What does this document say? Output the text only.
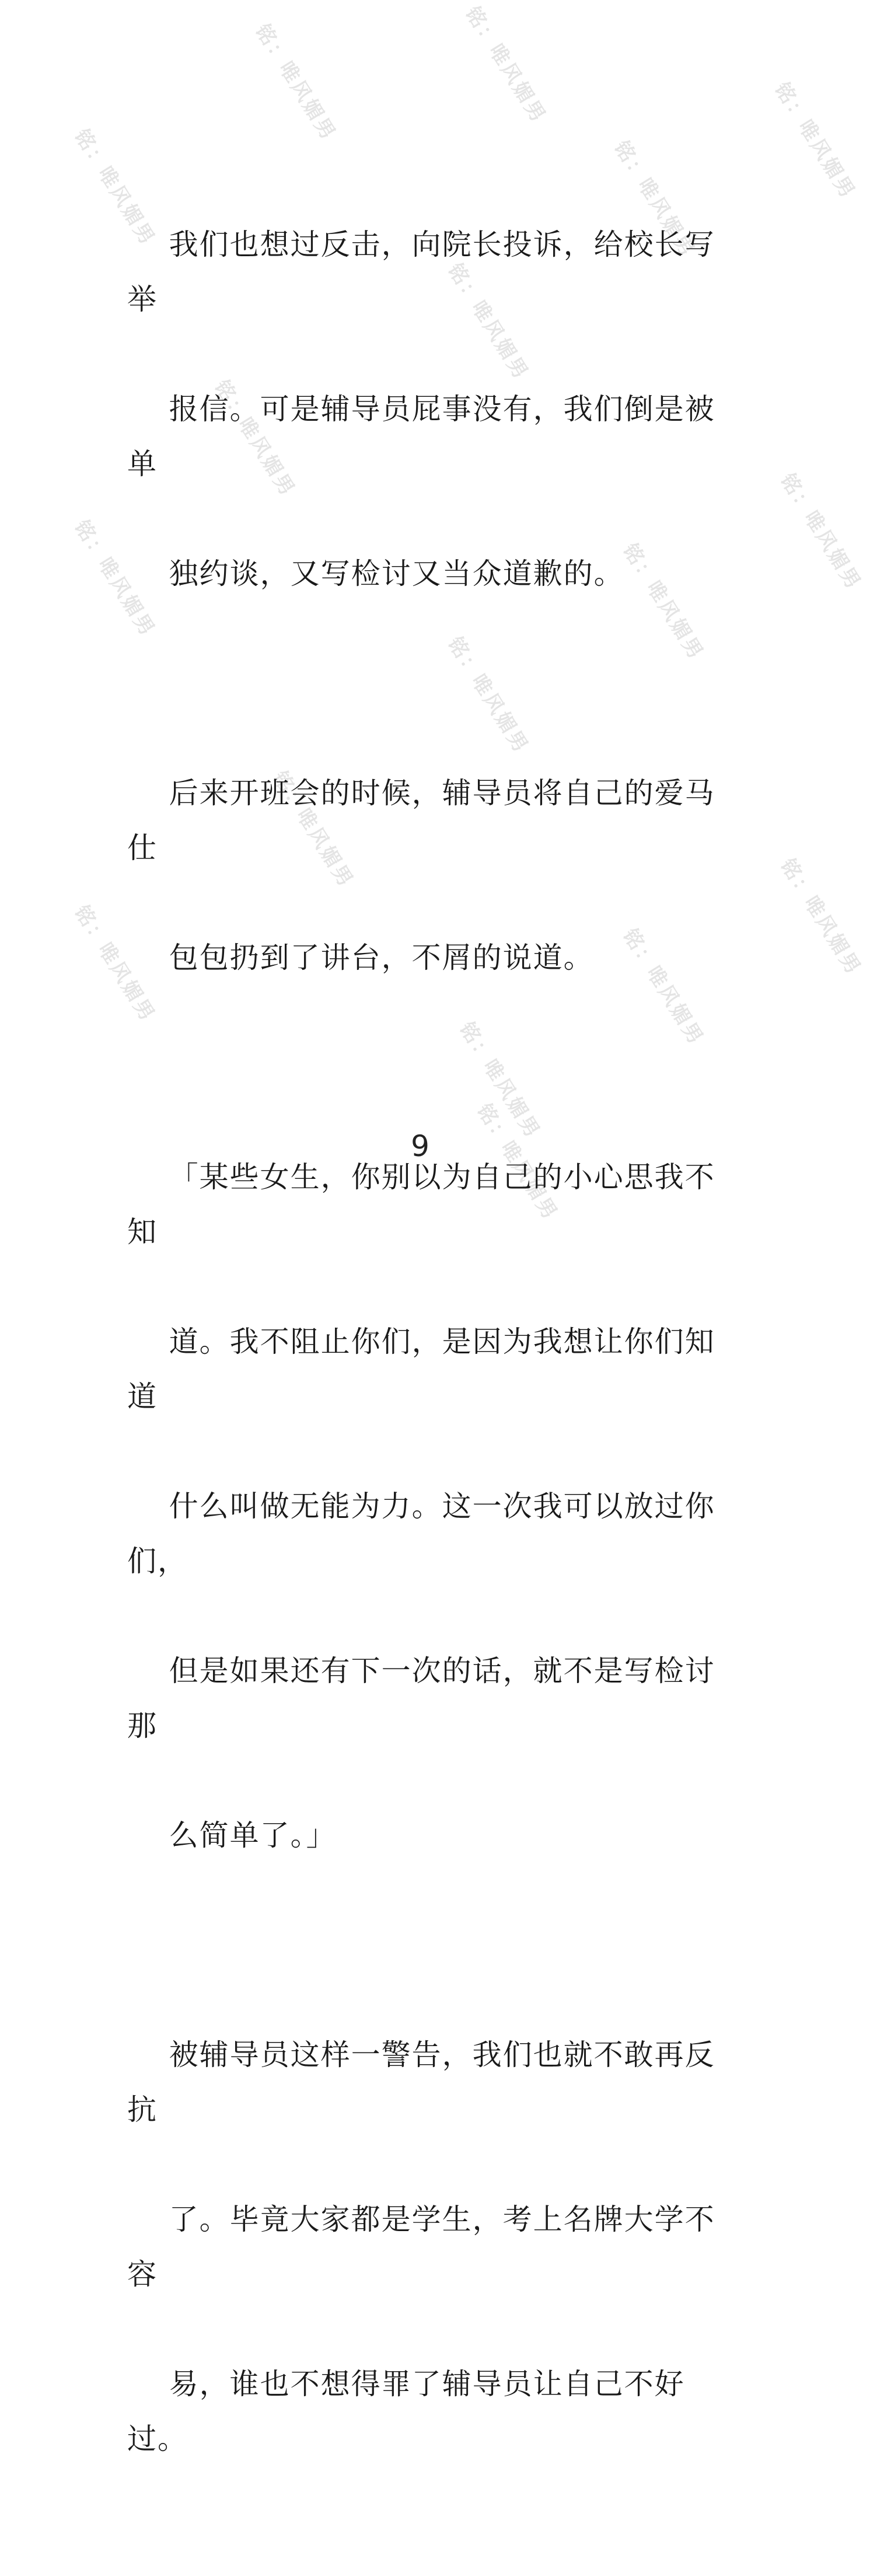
铭：唯风媚男
铭：唯风媚男	铭：唯风媚男
铭：唯风媚男
铭：唯风媚男
铭：唯风媚男
铭：唯风媚男
铭：唯风媚男	铭：唯风媚男
铭：唯风媚男
铭：唯风媚男
铭：唯风媚男
铭：唯风媚男	铭：唯风媚男
铭：唯风媚男
铭：唯风媚男
铭：唯风媚男

我们也想过反击，向院长投诉，给校长写举

报信。可是辅导员屁事没有，我们倒是被单

独约谈，又写检讨又当众道歉的。

后来开班会的时候，辅导员将自己的爱马仕

包包扔到了讲台，不屑的说道。

「某些女生，你别以为自己的小心思我不知

道。我不阻止你们，是因为我想让你们知道

什么叫做无能为力。这一次我可以放过你们，

但是如果还有下一次的话，就不是写检讨那

么简单了。」

被辅导员这样一警告，我们也就不敢再反抗

了。毕竟大家都是学生，考上名牌大学不容

易，谁也不想得罪了辅导员让自己不好过。

9
